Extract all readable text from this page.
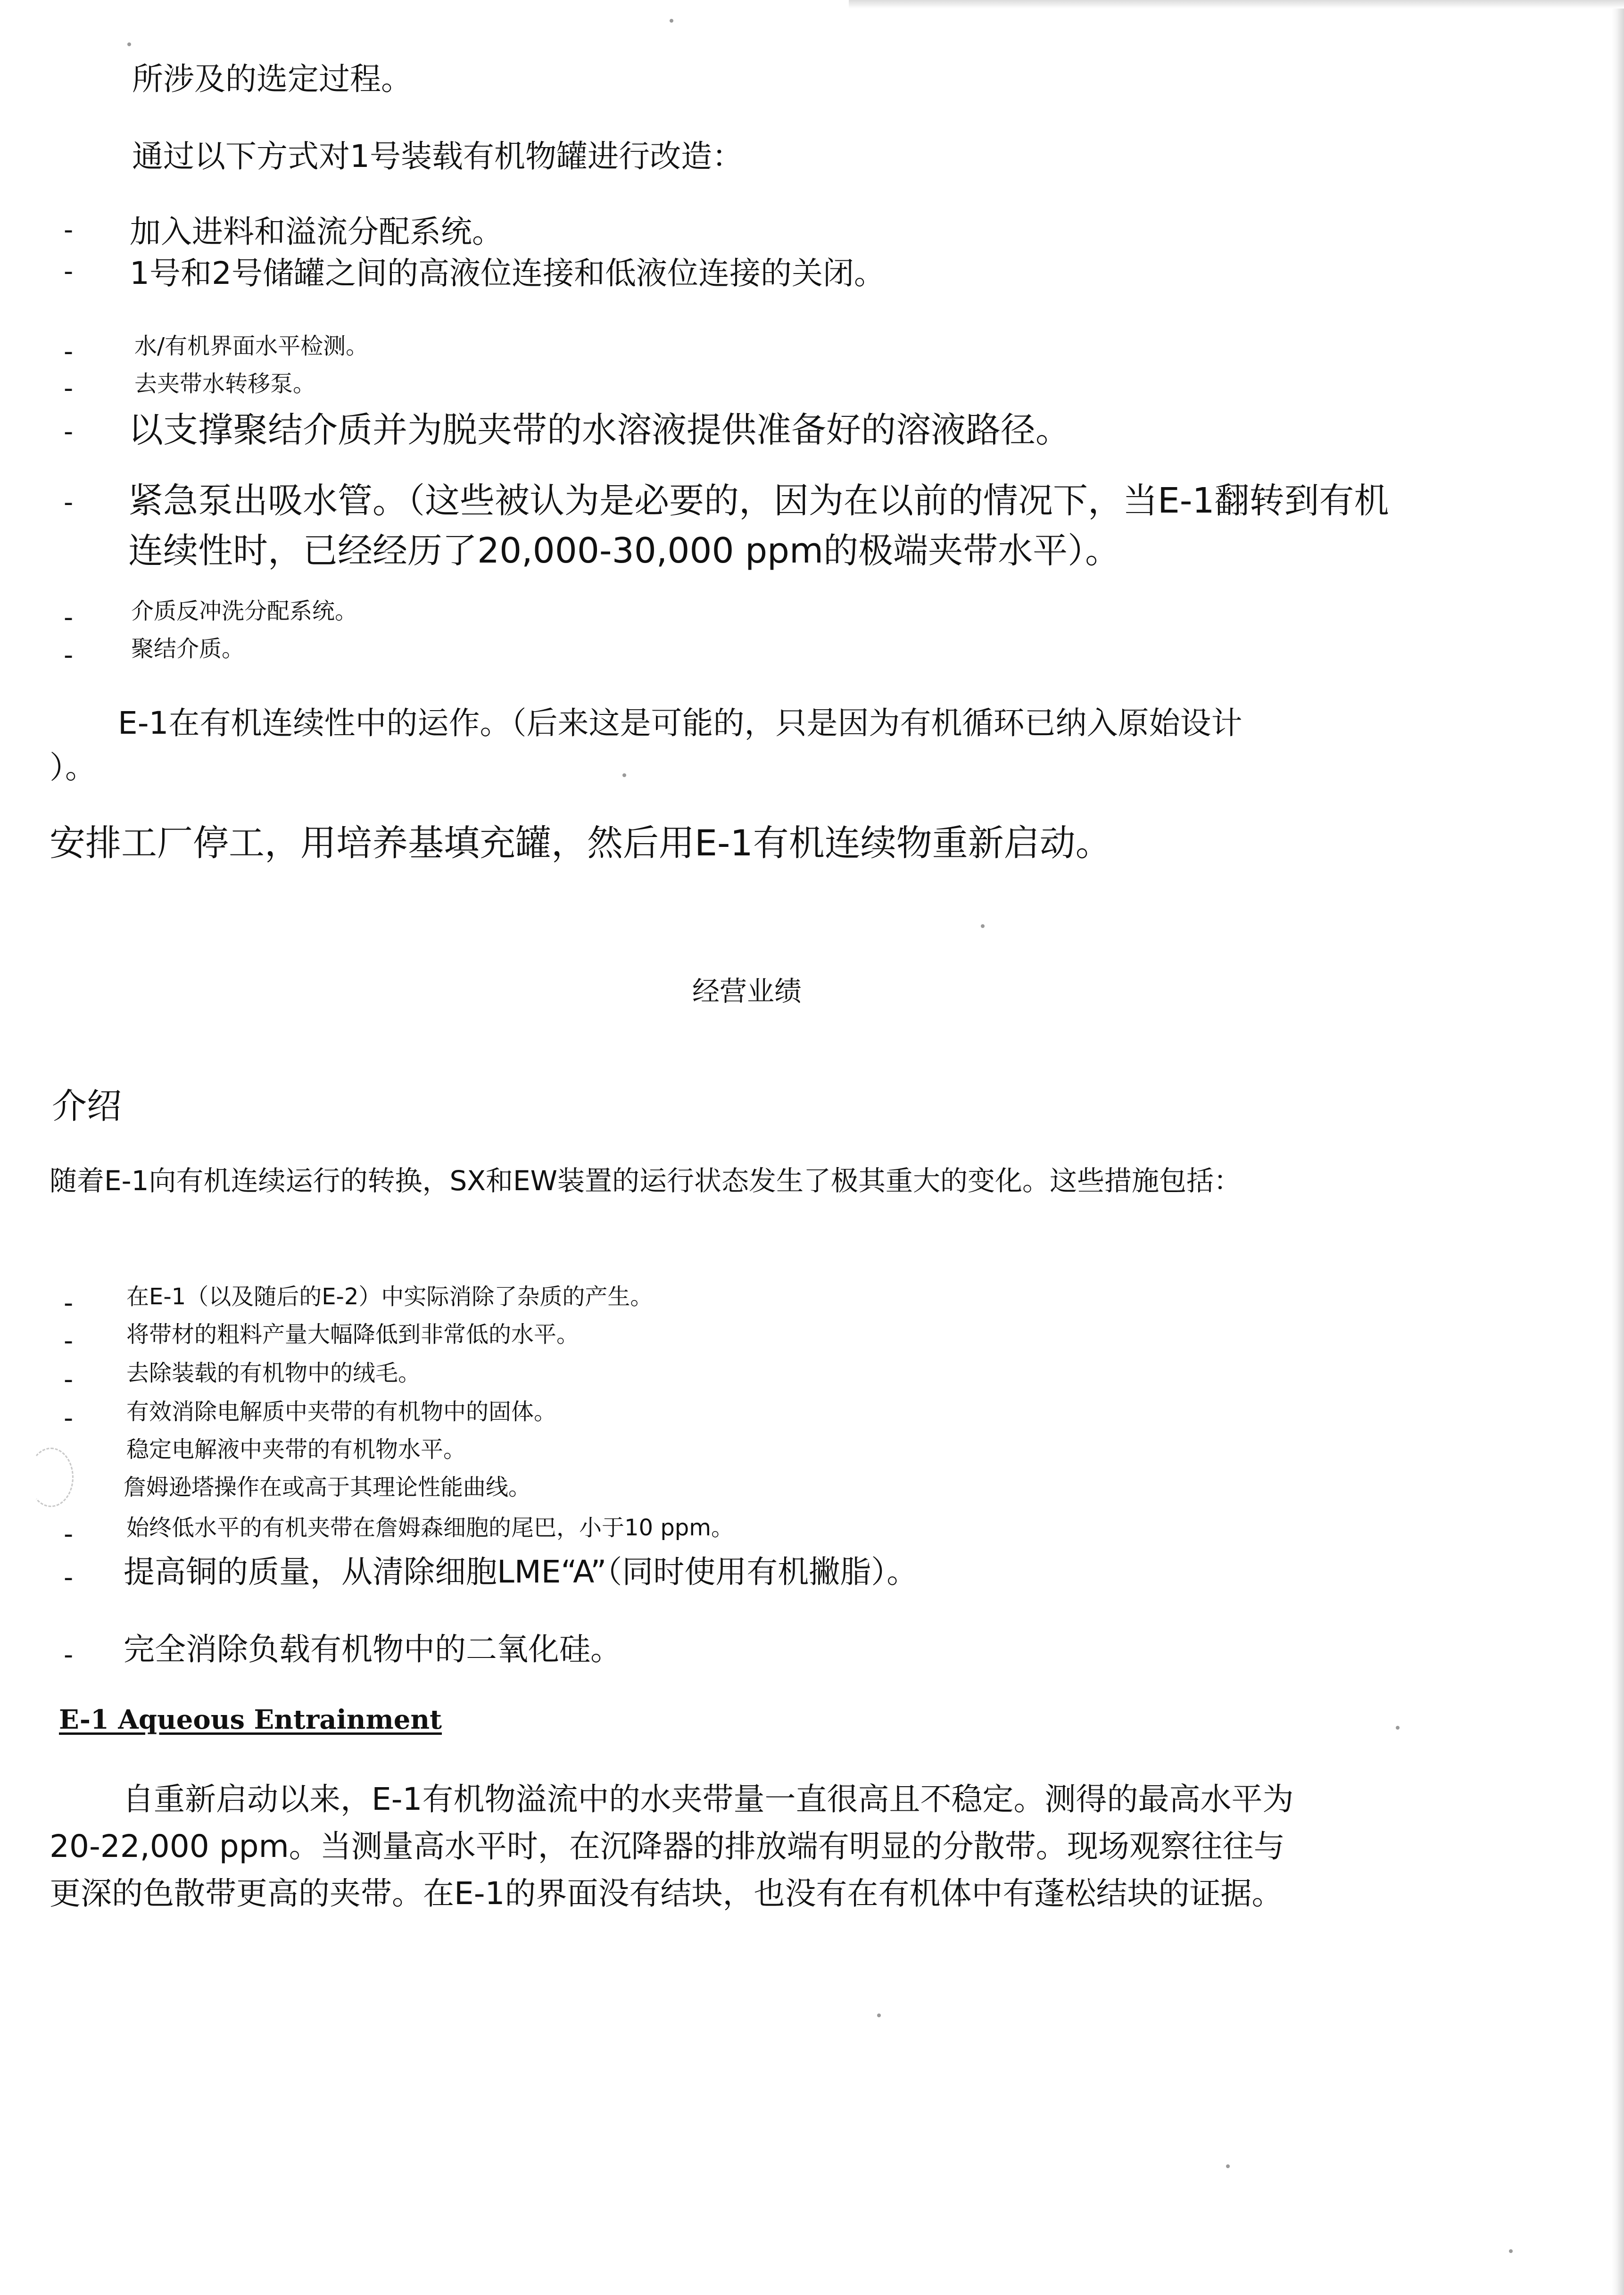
所涉及的选定过程。

通过以下方式对1号装载有机物罐进行改造：

- 加入进料和溢流分配系统。

- 1号和2号储罐之间的高液位连接和低液位连接的关闭。

-	水/有机界面水平检测。

-	去夹带水转移泵。

- 以支撑聚结介质并为脱夹带的水溶液提供准备好的溶液路径。

- 紧急泵出吸水管。（这些被认为是必要的，因为在以前的情况下，当E-1翻转到有机

连续性时，已经经历了20,000-30,000 ppm的极端夹带水平）。

-	介质反冲洗分配系统。

-	聚结介质。

E-1在有机连续性中的运作。（后来这是可能的，只是因为有机循环已纳入原始设计

）。

安排工厂停工，用培养基填充罐，然后用E-1有机连续物重新启动。

经营业绩

介绍

随着E-1向有机连续运行的转换，SX和EW装置的运行状态发生了极其重大的变化。这些措施包括：

- 在E-1（以及随后的E-2）中实际消除了杂质的产生。

- 将带材的粗料产量大幅降低到非常低的水平。

- 去除装载的有机物中的绒毛。

- 有效消除电解质中夹带的有机物中的固体。

稳定电解液中夹带的有机物水平。

詹姆逊塔操作在或高于其理论性能曲线。

- 始终低水平的有机夹带在詹姆森细胞的尾巴，小于10 ppm。

- 提高铜的质量，从清除细胞LME“A”（同时使用有机撇脂）。

- 完全消除负载有机物中的二氧化硅。

E-1 Aqueous Entrainment

自重新启动以来，E-1有机物溢流中的水夹带量一直很高且不稳定。测得的最高水平为

20-22,000 ppm。当测量高水平时，在沉降器的排放端有明显的分散带。现场观察往往与

更深的色散带更高的夹带。在E-1的界面没有结块，也没有在有机体中有蓬松结块的证据。
